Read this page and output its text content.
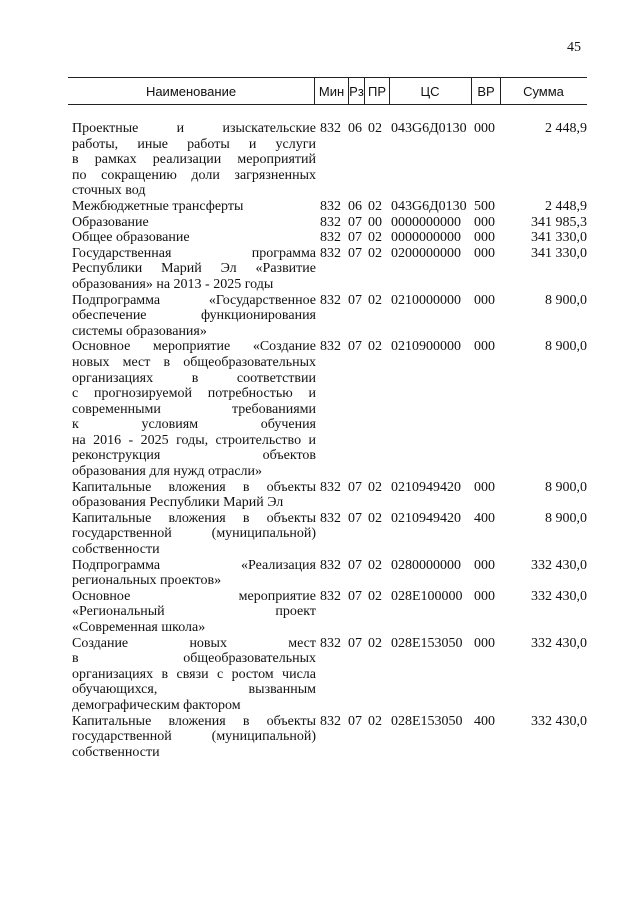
45
Наименование	Мин Рз ПР	ЦС	ВР	Сумма
Проектные и изыскательские
работы, иные работы и услуги
в рамках реализации мероприятий
по сокращению доли загрязненных
сточных вод
832 06 02 043G6Д0130 000	2 448,9
Межбюджетные трансферты	832 06 02 043G6Д0130 500	2 448,9
Образование	832 07 00 0000000000 000	341 985,3
Общее образование	832 07 02 0000000000 000	341 330,0
Государственная программа
Республики Марий Эл «Развитие
образования» на 2013 - 2025 годы
832 07 02 0200000000 000	341 330,0
Подпрограмма «Государственное
обеспечение функционирования
системы образования»
832 07 02 0210000000 000	8 900,0
Основное мероприятие «Создание
новых мест в общеобразовательных
организациях в соответствии
с прогнозируемой потребностью и
современными требованиями
к условиям обучения
на 2016 - 2025 годы, строительство и
реконструкция объектов
образования для нужд отрасли»
832 07 02 0210900000 000	8 900,0
Капитальные вложения в объекты
образования Республики Марий Эл
832 07 02 0210949420 000	8 900,0
Капитальные вложения в объекты
государственной (муниципальной)
собственности
832 07 02 0210949420 400	8 900,0
Подпрограмма «Реализация
региональных проектов»
832 07 02 0280000000 000	332 430,0
Основное мероприятие
«Региональный проект
«Современная школа»
832 07 02 028E100000 000	332 430,0
Создание новых мест
в общеобразовательных
организациях в связи с ростом числа
обучающихся, вызванным
демографическим фактором
832 07 02 028E153050 000	332 430,0
Капитальные вложения в объекты
государственной (муниципальной)
собственности
832 07 02 028E153050 400	332 430,0
